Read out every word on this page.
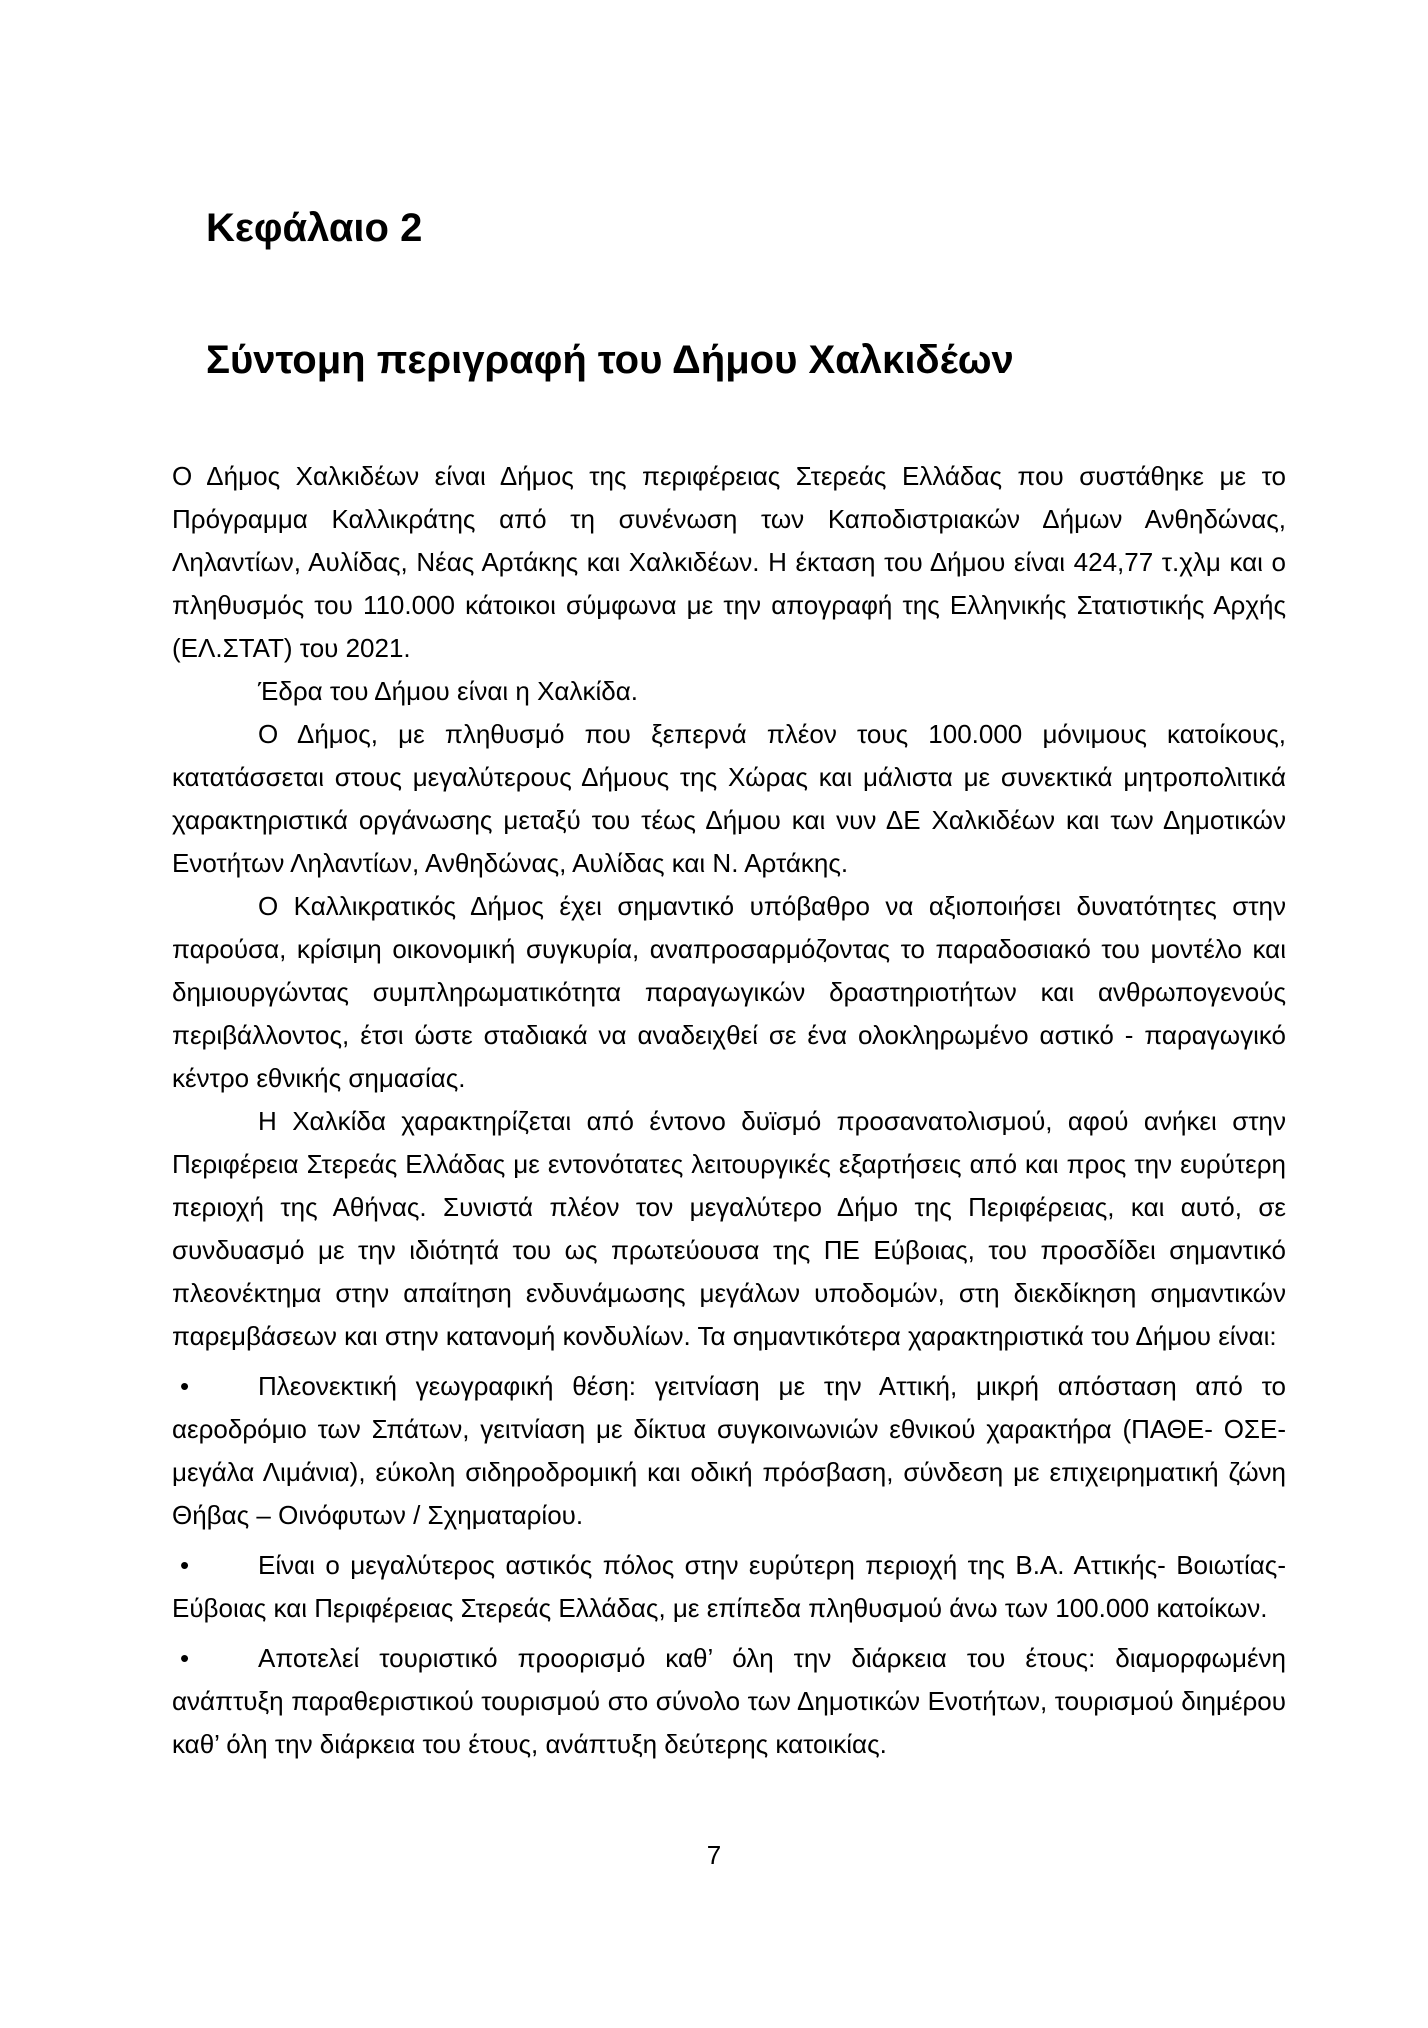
Κεφάλαιο 2
Σύντομη περιγραφή του Δήμου Χαλκιδέων

Ο Δήμος Χαλκιδέων είναι Δήμος της περιφέρειας Στερεάς Ελλάδας που συστάθηκε με το Πρόγραμμα Καλλικράτης από τη συνένωση των Καποδιστριακών Δήμων Ανθηδώνας, Ληλαντίων, Αυλίδας, Νέας Αρτάκης και Χαλκιδέων. Η έκταση του Δήμου είναι 424,77 τ.χλμ και ο πληθυσμός του 110.000 κάτοικοι σύμφωνα με την απογραφή της Ελληνικής Στατιστικής Αρχής (ΕΛ.ΣΤΑΤ) του 2021.

Έδρα του Δήμου είναι η Χαλκίδα.

Ο Δήμος, με πληθυσμό που ξεπερνά πλέον τους 100.000 μόνιμους κατοίκους, κατατάσσεται στους μεγαλύτερους Δήμους της Χώρας και μάλιστα με συνεκτικά μητροπολιτικά χαρακτηριστικά οργάνωσης μεταξύ του τέως Δήμου και νυν ΔΕ Χαλκιδέων και των Δημοτικών Ενοτήτων Ληλαντίων, Ανθηδώνας, Αυλίδας και Ν. Αρτάκης.

Ο Καλλικρατικός Δήμος έχει σημαντικό υπόβαθρο να αξιοποιήσει δυνατότητες στην παρούσα, κρίσιμη οικονομική συγκυρία, αναπροσαρμόζοντας το παραδοσιακό του μοντέλο και δημιουργώντας συμπληρωματικότητα παραγωγικών δραστηριοτήτων και ανθρωπογενούς περιβάλλοντος, έτσι ώστε σταδιακά να αναδειχθεί σε ένα ολοκληρωμένο αστικό - παραγωγικό κέντρο εθνικής σημασίας.

Η Χαλκίδα χαρακτηρίζεται από έντονο δυϊσμό προσανατολισμού, αφού ανήκει στην Περιφέρεια Στερεάς Ελλάδας με εντονότατες λειτουργικές εξαρτήσεις από και προς την ευρύτερη περιοχή της Αθήνας. Συνιστά πλέον τον μεγαλύτερο Δήμο της Περιφέρειας, και αυτό, σε συνδυασμό με την ιδιότητά του ως πρωτεύουσα της ΠΕ Εύβοιας, του προσδίδει σημαντικό πλεονέκτημα στην απαίτηση ενδυνάμωσης μεγάλων υποδομών, στη διεκδίκηση σημαντικών παρεμβάσεων και στην κατανομή κονδυλίων. Τα σημαντικότερα χαρακτηριστικά του Δήμου είναι:

•	Πλεονεκτική γεωγραφική θέση: γειτνίαση με την Αττική, μικρή απόσταση από το αεροδρόμιο των Σπάτων, γειτνίαση με δίκτυα συγκοινωνιών εθνικού χαρακτήρα (ΠΑΘΕ- ΟΣΕ- μεγάλα Λιμάνια), εύκολη σιδηροδρομική και οδική πρόσβαση, σύνδεση με επιχειρηματική ζώνη Θήβας – Οινόφυτων / Σχηματαρίου.
•	Είναι ο μεγαλύτερος αστικός πόλος στην ευρύτερη περιοχή της Β.Α. Αττικής- Βοιωτίας- Εύβοιας και Περιφέρειας Στερεάς Ελλάδας, με επίπεδα πληθυσμού άνω των 100.000 κατοίκων.
•	Αποτελεί τουριστικό προορισμό καθ’ όλη την διάρκεια του έτους: διαμορφωμένη ανάπτυξη παραθεριστικού τουρισμού στο σύνολο των Δημοτικών Ενοτήτων, τουρισμού διημέρου καθ’ όλη την διάρκεια του έτους, ανάπτυξη δεύτερης κατοικίας.
7
